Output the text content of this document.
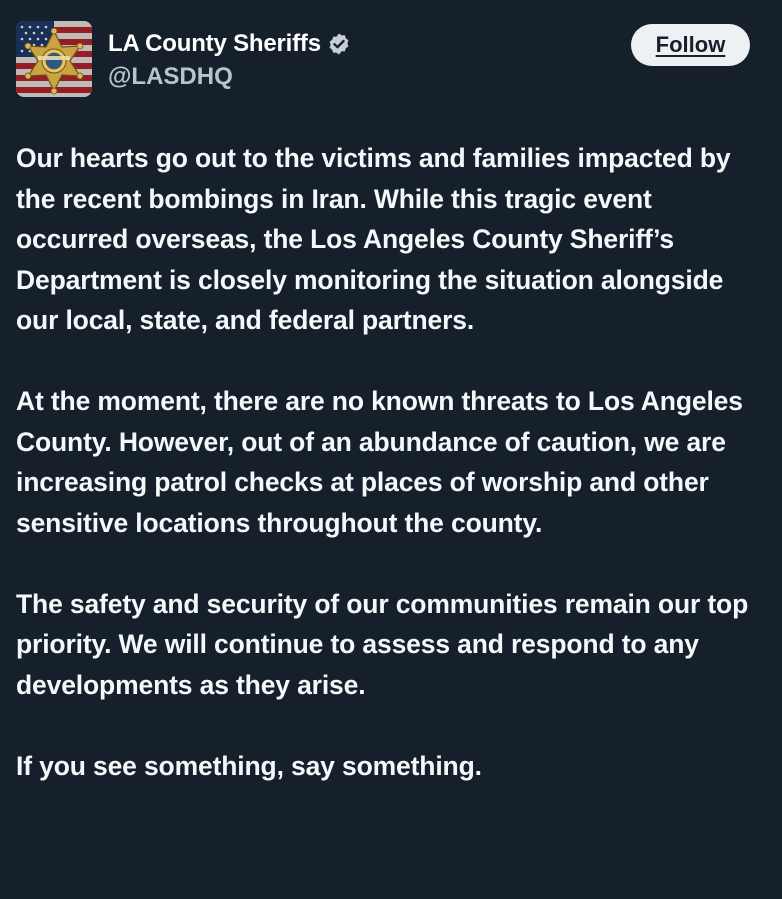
LA County Sheriffs
@LASDHQ
Follow

Our hearts go out to the victims and families impacted by the recent bombings in Iran. While this tragic event occurred overseas, the Los Angeles County Sheriff’s Department is closely monitoring the situation alongside our local, state, and federal partners.

At the moment, there are no known threats to Los Angeles County. However, out of an abundance of caution, we are increasing patrol checks at places of worship and other sensitive locations throughout the county.

The safety and security of our communities remain our top priority. We will continue to assess and respond to any developments as they arise.

If you see something, say something.
